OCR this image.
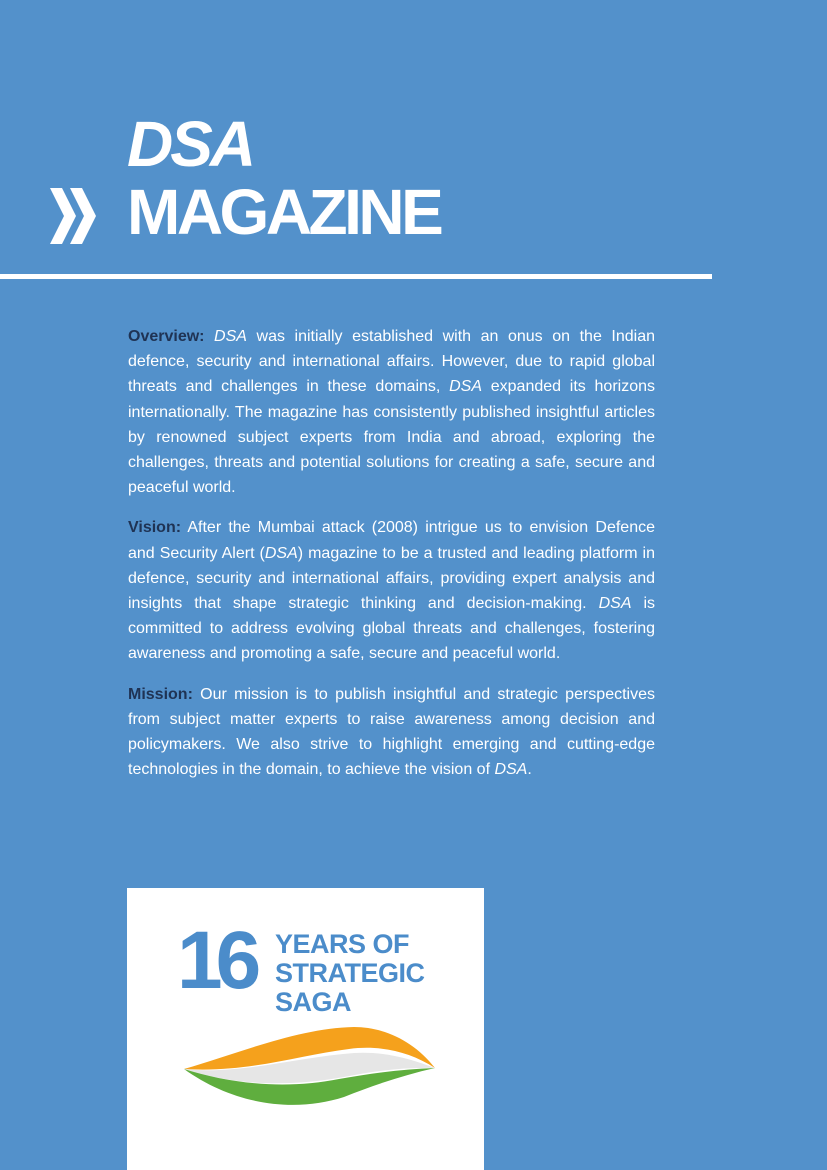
DSA
MAGAZINE

Overview: DSA was initially established with an onus on the Indian defence, security and international affairs. However, due to rapid global threats and challenges in these domains, DSA expanded its horizons internationally. The magazine has consistently published insightful articles by renowned subject experts from India and abroad, exploring the challenges, threats and potential solutions for creating a safe, secure and peaceful world.

Vision: After the Mumbai attack (2008) intrigue us to envision Defence and Security Alert (DSA) magazine to be a trusted and leading platform in defence, security and international affairs, providing expert analysis and insights that shape strategic thinking and decision-making. DSA is committed to address evolving global threats and challenges, fostering awareness and promoting a safe, secure and peaceful world.

Mission: Our mission is to publish insightful and strategic perspectives from subject matter experts to raise awareness among decision and policymakers. We also strive to highlight emerging and cutting-edge technologies in the domain, to achieve the vision of DSA.

16 YEARS OF
STRATEGIC
SAGA
